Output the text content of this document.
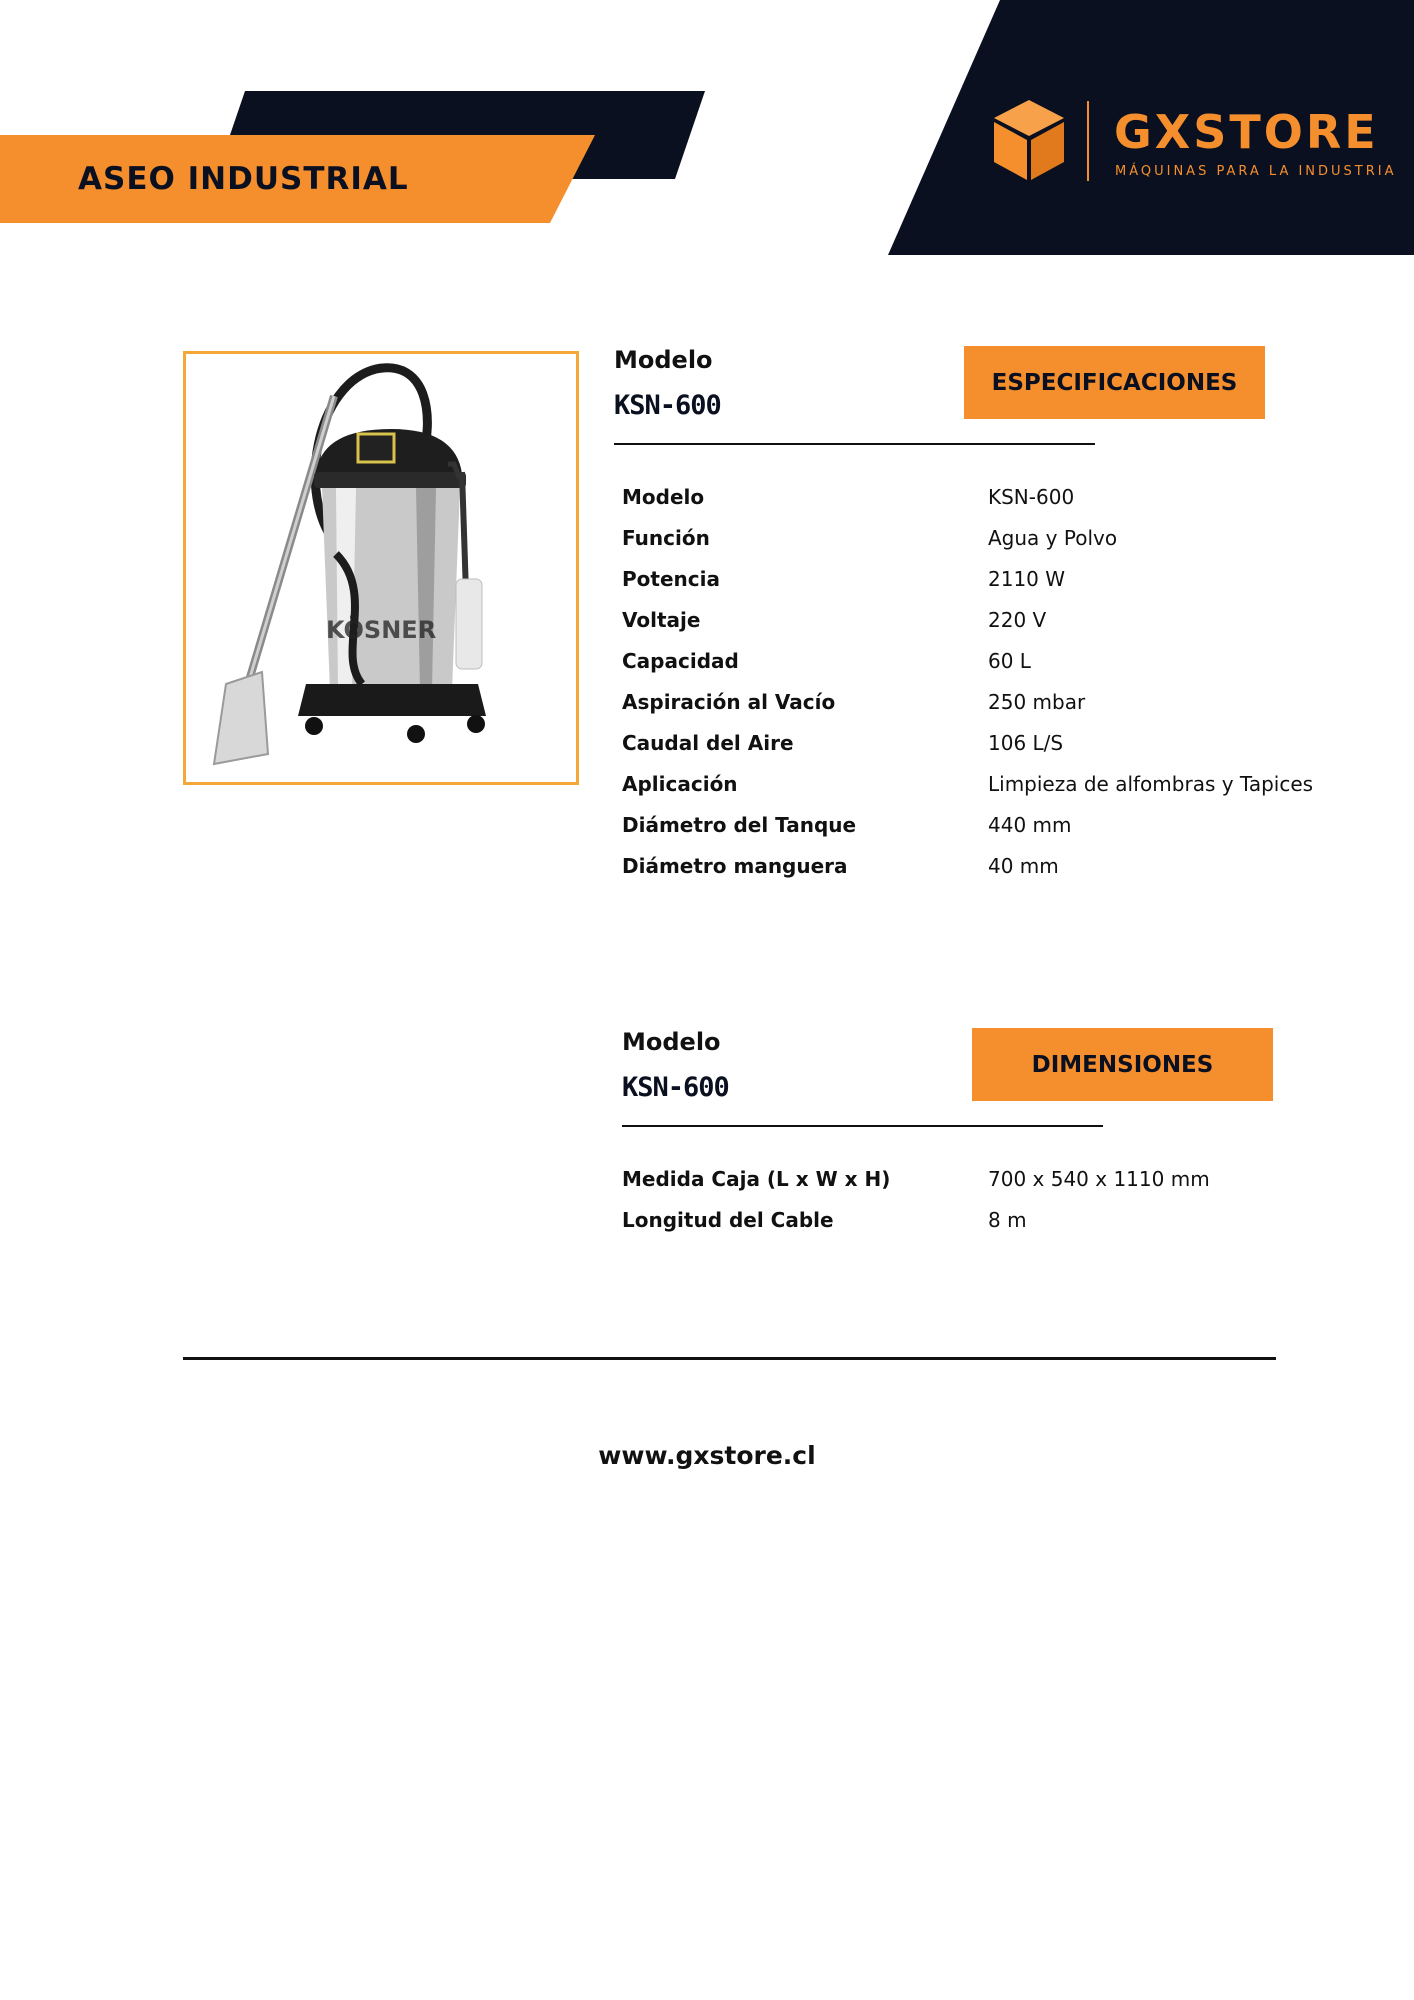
ASEO INDUSTRIAL
GXSTORE
MÁQUINAS PARA LA INDUSTRIA
KÖSNER
Modelo
KSN-600
ESPECIFICACIONES
Modelo	KSN-600
Función	Agua y Polvo
Potencia	2110 W
Voltaje	220 V
Capacidad	60 L
Aspiración al Vacío	250 mbar
Caudal del Aire	106 L/S
Aplicación	Limpieza de alfombras y Tapices
Diámetro del Tanque	440 mm
Diámetro manguera	40 mm
Modelo
KSN-600
DIMENSIONES
Medida Caja (L x W x H)	700 x 540 x 1110 mm
Longitud del Cable	8 m
www.gxstore.cl
